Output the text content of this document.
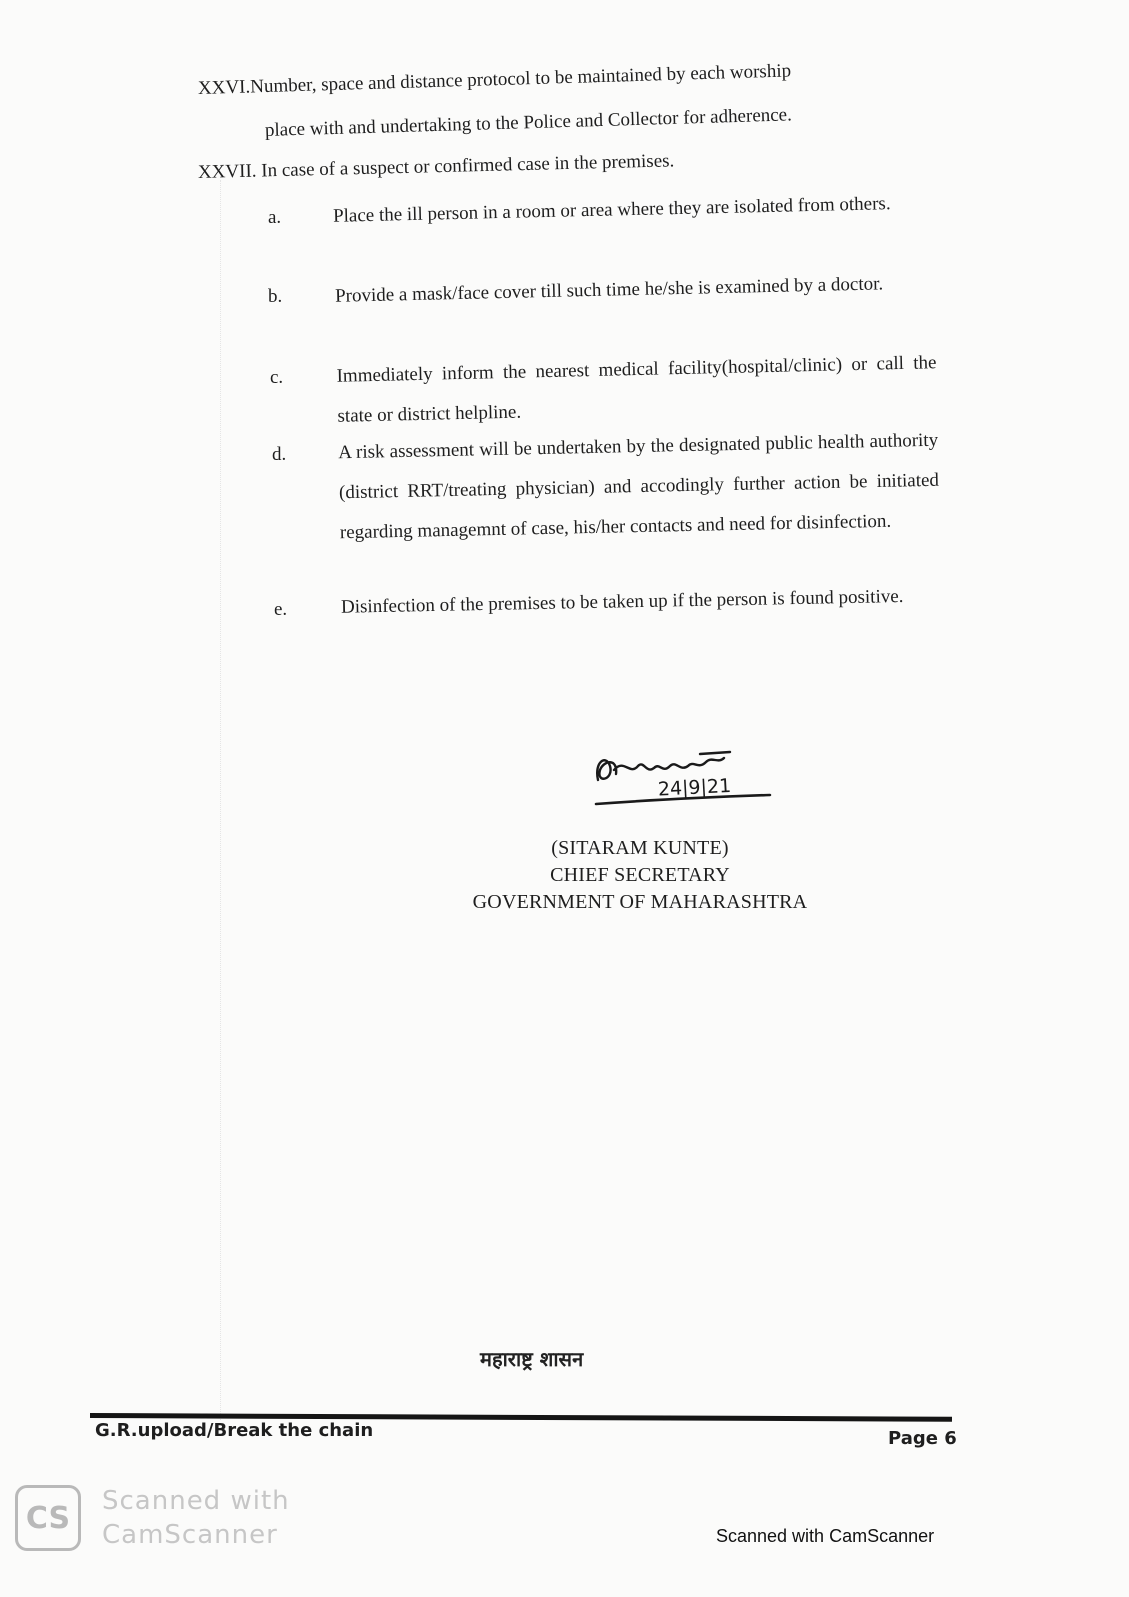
XXVI.Number, space and distance protocol to be maintained by each worship
place with and undertaking to the Police and Collector for adherence.
XXVII. In case of a suspect or confirmed case in the premises.
a.	Place the ill person in a room or area where they are isolated from others.
b.	Provide a mask/face cover till such time he/she is examined by a doctor.
c.	Immediately inform the nearest medical facility(hospital/clinic) or call the state or district helpline.
d.	A risk assessment will be undertaken by the designated public health authority (district RRT/treating physician) and accodingly further action be initiated regarding managemnt of case, his/her contacts and need for disinfection.
e.	Disinfection of the premises to be taken up if the person is found positive.
24|9|21
(SITARAM KUNTE)
CHIEF SECRETARY
GOVERNMENT OF MAHARASHTRA
महाराष्ट्र शासन
G.R.upload/Break the chain	Page 6
CS	Scanned with
CamScanner	Scanned with CamScanner
